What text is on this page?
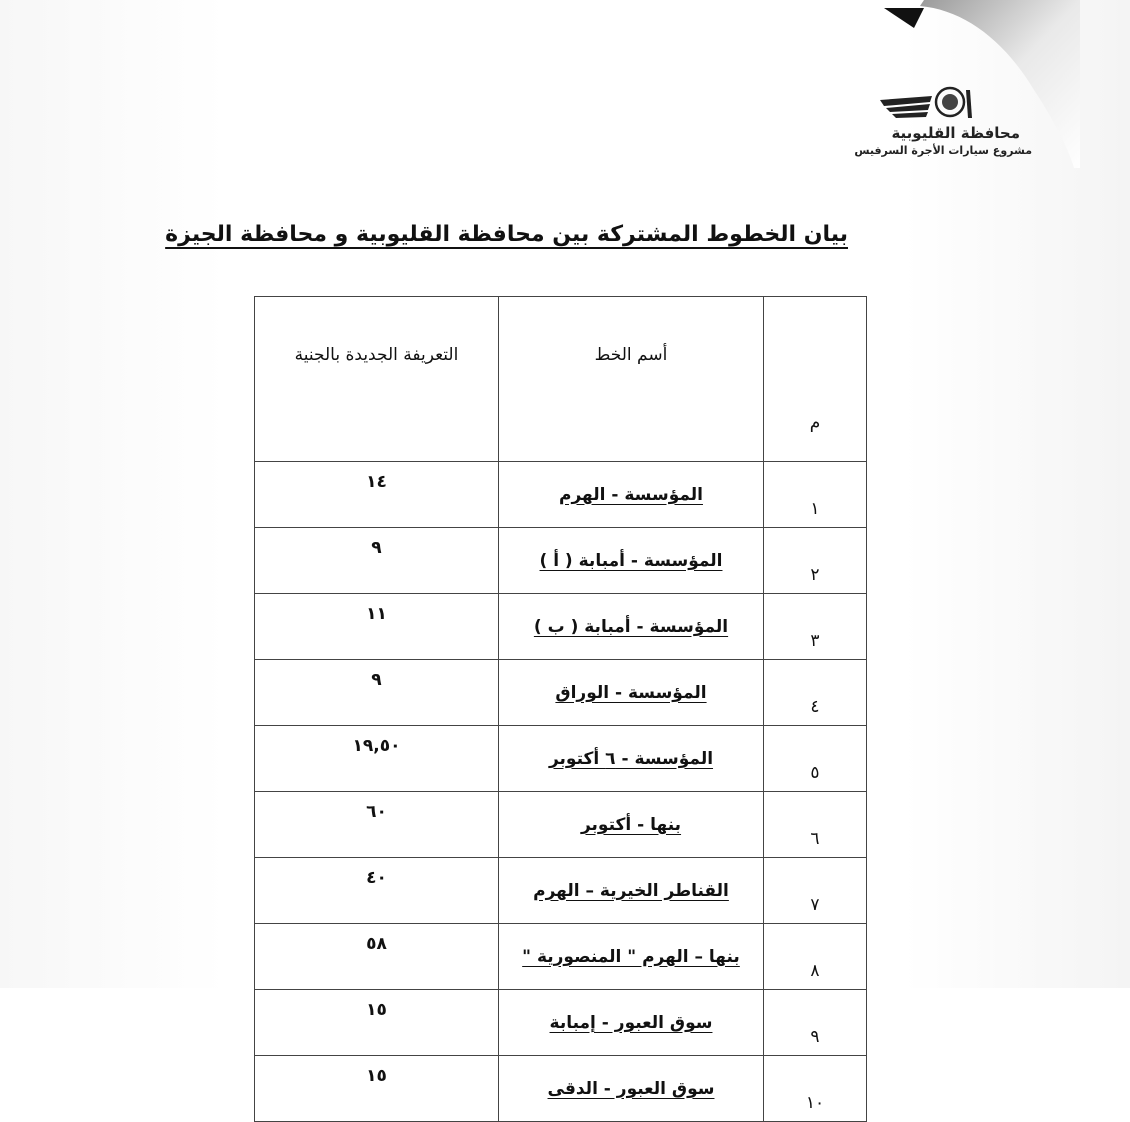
محافظة القليوبية
مشروع سيارات الأجرة السرفيس
بيان الخطوط المشتركة بين محافظة القليوبية و محافظة الجيزة
م	أسم الخط	التعريفة الجديدة بالجنية
١	المؤسسة - الهرم	١٤
٢	المؤسسة - أمبابة ( أ )	٩
٣	المؤسسة - أمبابة ( ب )	١١
٤	المؤسسة - الوراق	٩
٥	المؤسسة - ٦ أكتوبر	١٩,٥٠
٦	بنها - أكتوبر	٦٠
٧	القناطر الخيرية – الهرم	٤٠
٨	بنها – الهرم " المنصورية "	٥٨
٩	سوق العبور - إمبابة	١٥
١٠	سوق العبور - الدقى	١٥
